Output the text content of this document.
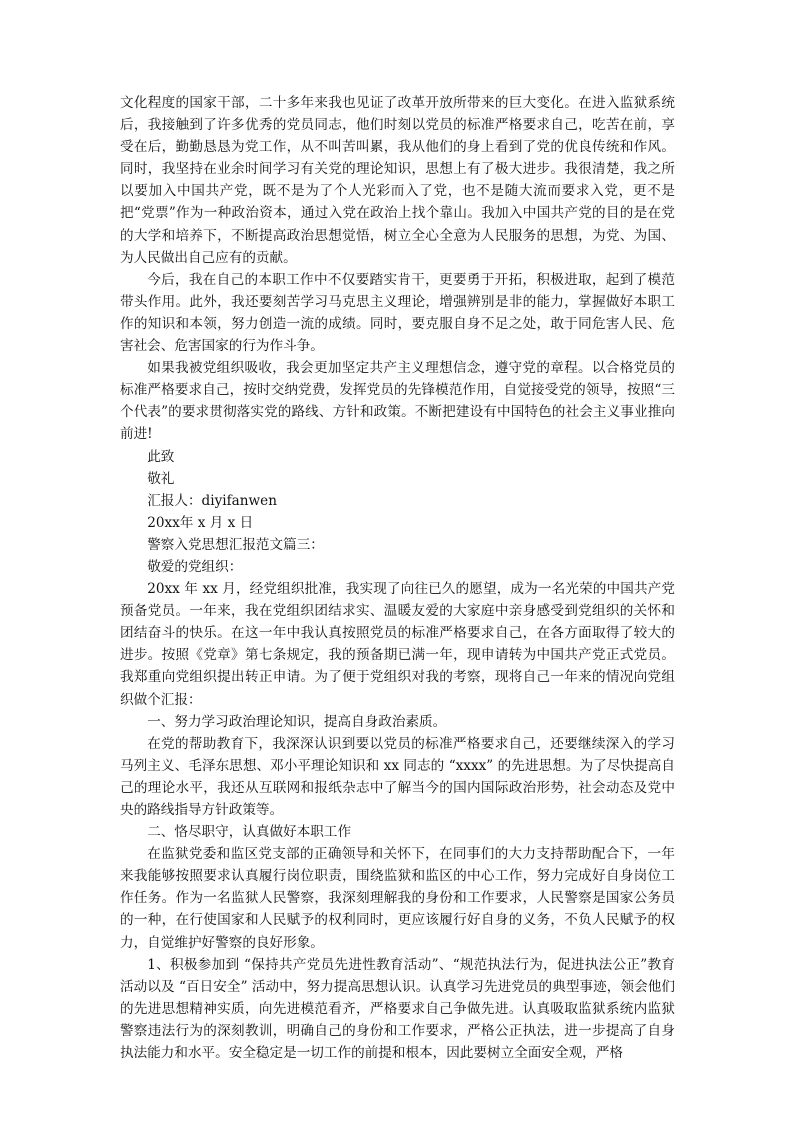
文化程度的国家干部，二十多年来我也见证了改革开放所带来的巨大变化。在进入监狱系统后，我接触到了许多优秀的党员同志，他们时刻以党员的标准严格要求自己，吃苦在前，享受在后，勤勤恳恳为党工作，从不叫苦叫累，我从他们的身上看到了党的优良传统和作风。同时，我坚持在业余时间学习有关党的理论知识，思想上有了极大进步。我很清楚，我之所以要加入中国共产党，既不是为了个人光彩而入了党，也不是随大流而要求入党，更不是把“党票”作为一种政治资本，通过入党在政治上找个靠山。我加入中国共产党的目的是在党的大学和培养下，不断提高政治思想觉悟，树立全心全意为人民服务的思想，为党、为国、为人民做出自己应有的贡献。

今后，我在自己的本职工作中不仅要踏实肯干，更要勇于开拓，积极进取，起到了模范带头作用。此外，我还要刻苦学习马克思主义理论，增强辨别是非的能力，掌握做好本职工作的知识和本领，努力创造一流的成绩。同时，要克服自身不足之处，敢于同危害人民、危害社会、危害国家的行为作斗争。

如果我被党组织吸收，我会更加坚定共产主义理想信念，遵守党的章程。以合格党员的标准严格要求自己，按时交纳党费，发挥党员的先锋模范作用，自觉接受党的领导，按照“三个代表”的要求贯彻落实党的路线、方针和政策。不断把建设有中国特色的社会主义事业推向前进!

此致

敬礼

汇报人：diyifanwen

20xx年 x 月 x 日

警察入党思想汇报范文篇三：

敬爱的党组织：

20xx 年 xx 月，经党组织批准，我实现了向往已久的愿望，成为一名光荣的中国共产党预备党员。一年来，我在党组织团结求实、温暖友爱的大家庭中亲身感受到党组织的关怀和团结奋斗的快乐。在这一年中我认真按照党员的标准严格要求自己，在各方面取得了较大的进步。按照《党章》第七条规定，我的预备期已满一年，现申请转为中国共产党正式党员。我郑重向党组织提出转正申请。为了便于党组织对我的考察，现将自己一年来的情况向党组织做个汇报：

一、努力学习政治理论知识，提高自身政治素质。

在党的帮助教育下，我深深认识到要以党员的标准严格要求自己，还要继续深入的学习马列主义、毛泽东思想、邓小平理论知识和 xx 同志的 “xxxx” 的先进思想。为了尽快提高自己的理论水平，我还从互联网和报纸杂志中了解当今的国内国际政治形势，社会动态及党中央的路线指导方针政策等。

二、恪尽职守，认真做好本职工作

在监狱党委和监区党支部的正确领导和关怀下，在同事们的大力支持帮助配合下，一年来我能够按照要求认真履行岗位职责，围绕监狱和监区的中心工作，努力完成好自身岗位工作任务。作为一名监狱人民警察，我深刻理解我的身份和工作要求，人民警察是国家公务员的一种，在行使国家和人民赋予的权利同时，更应该履行好自身的义务，不负人民赋予的权力，自觉维护好警察的良好形象。

1、积极参加到 “保持共产党员先进性教育活动”、“规范执法行为，促进执法公正”教育活动以及 “百日安全” 活动中，努力提高思想认识。认真学习先进党员的典型事迹，领会他们的先进思想精神实质，向先进模范看齐，严格要求自己争做先进。认真吸取监狱系统内监狱警察违法行为的深刻教训，明确自己的身份和工作要求，严格公正执法，进一步提高了自身执法能力和水平。安全稳定是一切工作的前提和根本，因此要树立全面安全观，严格
